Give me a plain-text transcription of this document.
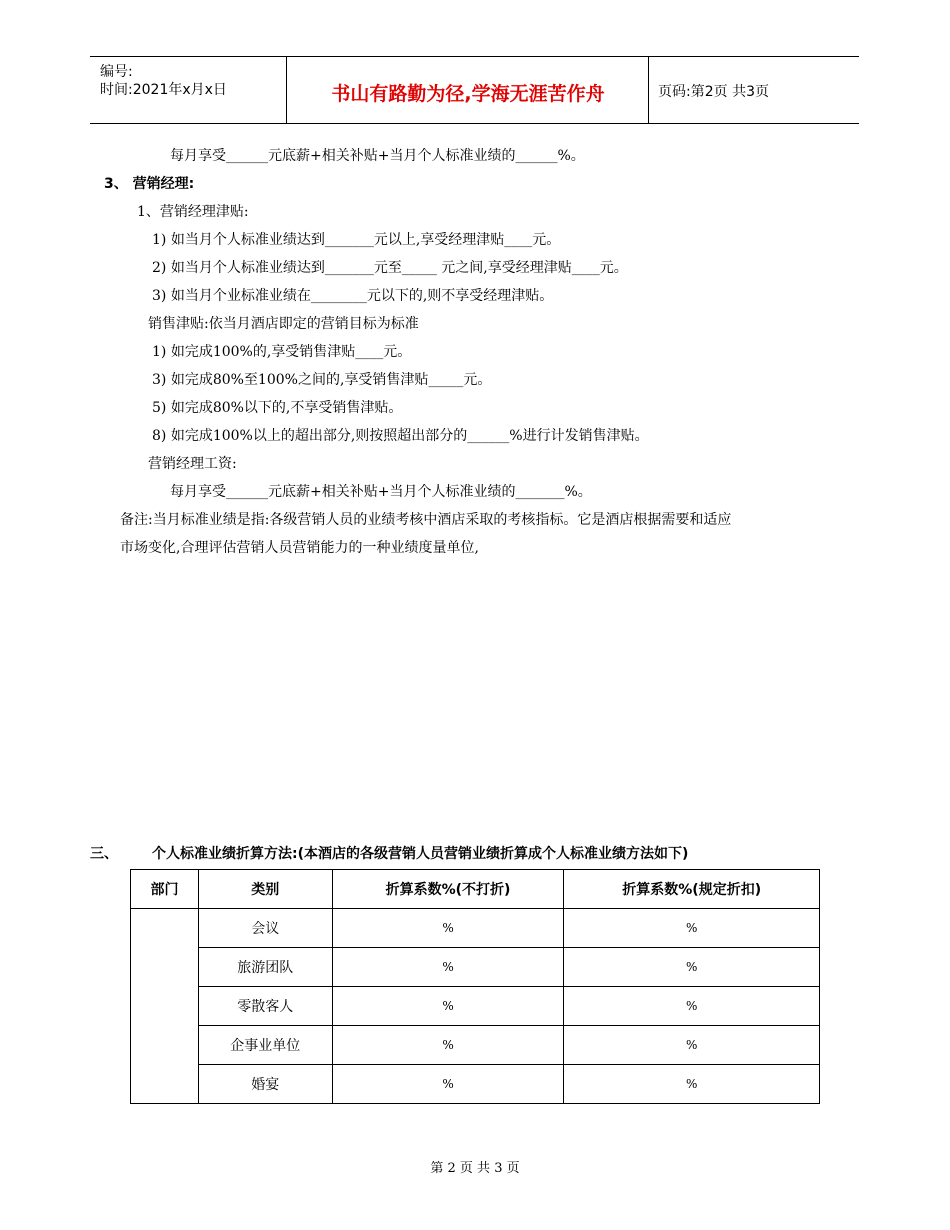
编号:
时间:2021年x月x日	书山有路勤为径,学海无涯苦作舟	页码:第2页 共3页
每月享受______元底薪+相关补贴+当月个人标准业绩的______%。
3、 营销经理:
1、营销经理津贴:
1) 如当月个人标准业绩达到_______元以上,享受经理津贴____元。
2) 如当月个人标准业绩达到_______元至_____ 元之间,享受经理津贴____元。
3) 如当月个业标准业绩在________元以下的,则不享受经理津贴。
销售津贴:依当月酒店即定的营销目标为标准
1) 如完成100%的,享受销售津贴____元。
3) 如完成80%至100%之间的,享受销售津贴_____元。
5) 如完成80%以下的,不享受销售津贴。
8) 如完成100%以上的超出部分,则按照超出部分的______%进行计发销售津贴。
营销经理工资:
每月享受______元底薪+相关补贴+当月个人标准业绩的_______%。
备注:当月标准业绩是指:各级营销人员的业绩考核中酒店采取的考核指标。它是酒店根据需要和适应
市场变化,合理评估营销人员营销能力的一种业绩度量单位,
三、 个人标准业绩折算方法:(本酒店的各级营销人员营销业绩折算成个人标准业绩方法如下)
部门	类别	折算系数%(不打折)	折算系数%(规定折扣)
	会议	%	%
	旅游团队	%	%
	零散客人	%	%
	企事业单位	%	%
	婚宴	%	%
第 2 页 共 3 页
